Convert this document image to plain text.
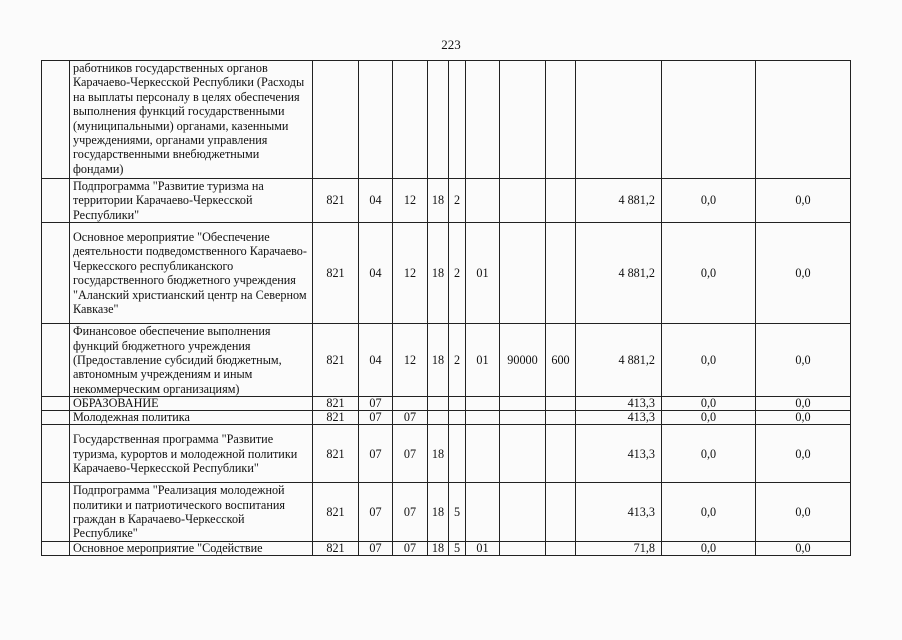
223
	работников государственных органов Карачаево-Черкесской Республики (Расходы на выплаты персоналу в целях обеспечения выполнения функций государственными (муниципальными) органами, казенными учреждениями, органами управления государственными внебюджетными фондами)											
	Подпрограмма "Развитие туризма на территории Карачаево-Черкесской Республики"	821	04	12	18	2				4 881,2	0,0	0,0
	Основное мероприятие "Обеспечение деятельности подведомственного Карачаево-Черкесского республиканского государственного бюджетного учреждения "Аланский христианский центр на Северном Кавказе"	821	04	12	18	2	01			4 881,2	0,0	0,0
	Финансовое обеспечение выполнения функций бюджетного учреждения (Предоставление субсидий бюджетным, автономным учреждениям и иным некоммерческим организациям)	821	04	12	18	2	01	90000	600	4 881,2	0,0	0,0
	ОБРАЗОВАНИЕ	821	07							413,3	0,0	0,0
	Молодежная политика	821	07	07						413,3	0,0	0,0
	Государственная программа "Развитие туризма, курортов и молодежной политики Карачаево-Черкесской Республики"	821	07	07	18					413,3	0,0	0,0
	Подпрограмма "Реализация молодежной политики и патриотического воспитания граждан в Карачаево-Черкесской Республике"	821	07	07	18	5				413,3	0,0	0,0
	Основное мероприятие "Содействие	821	07	07	18	5	01			71,8	0,0	0,0
